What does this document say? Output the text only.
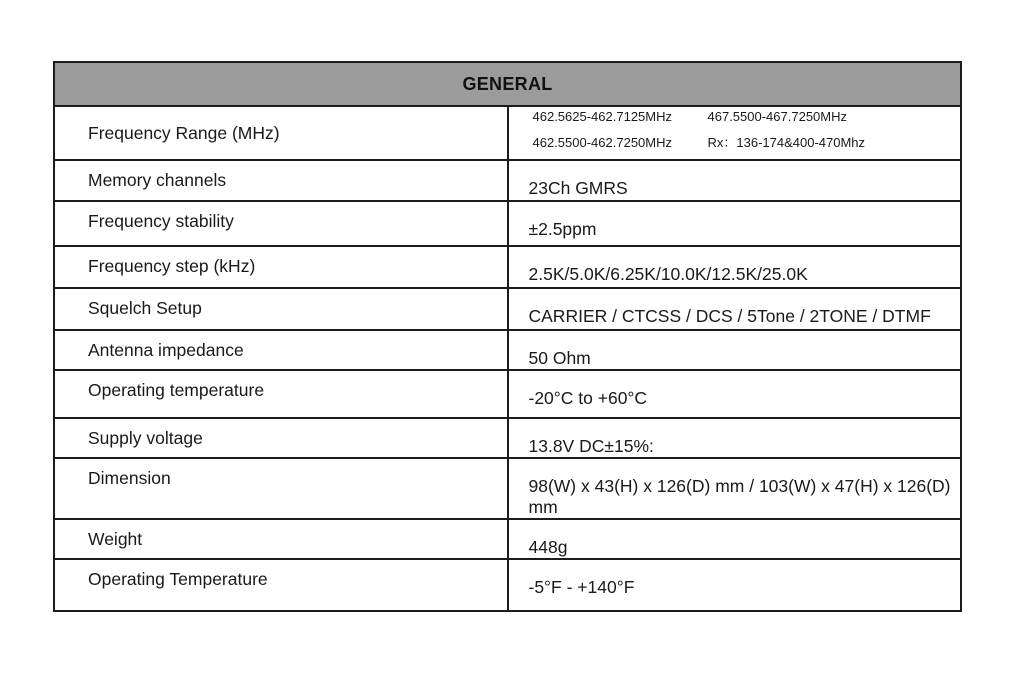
GENERAL	
Frequency Range (MHz)	462.5625-462.7125MHz 467.5500-467.7250MHz
462.5500-462.7250MHz Rx：136-174&400-470Mhz

Memory channels	23Ch GMRS
Frequency stability	±2.5ppm
Frequency step (kHz)	2.5K/5.0K/6.25K/10.0K/12.5K/25.0K
Squelch Setup	CARRIER / CTCSS / DCS / 5Tone / 2TONE / DTMF
Antenna impedance	50 Ohm
Operating temperature	-20°C to +60°C
Supply voltage	13.8V DC±15%:
Dimension	98(W) x 43(H) x 126(D) mm / 103(W) x 47(H) x 126(D) mm
Weight	448g
Operating Temperature	-5°F - +140°F
